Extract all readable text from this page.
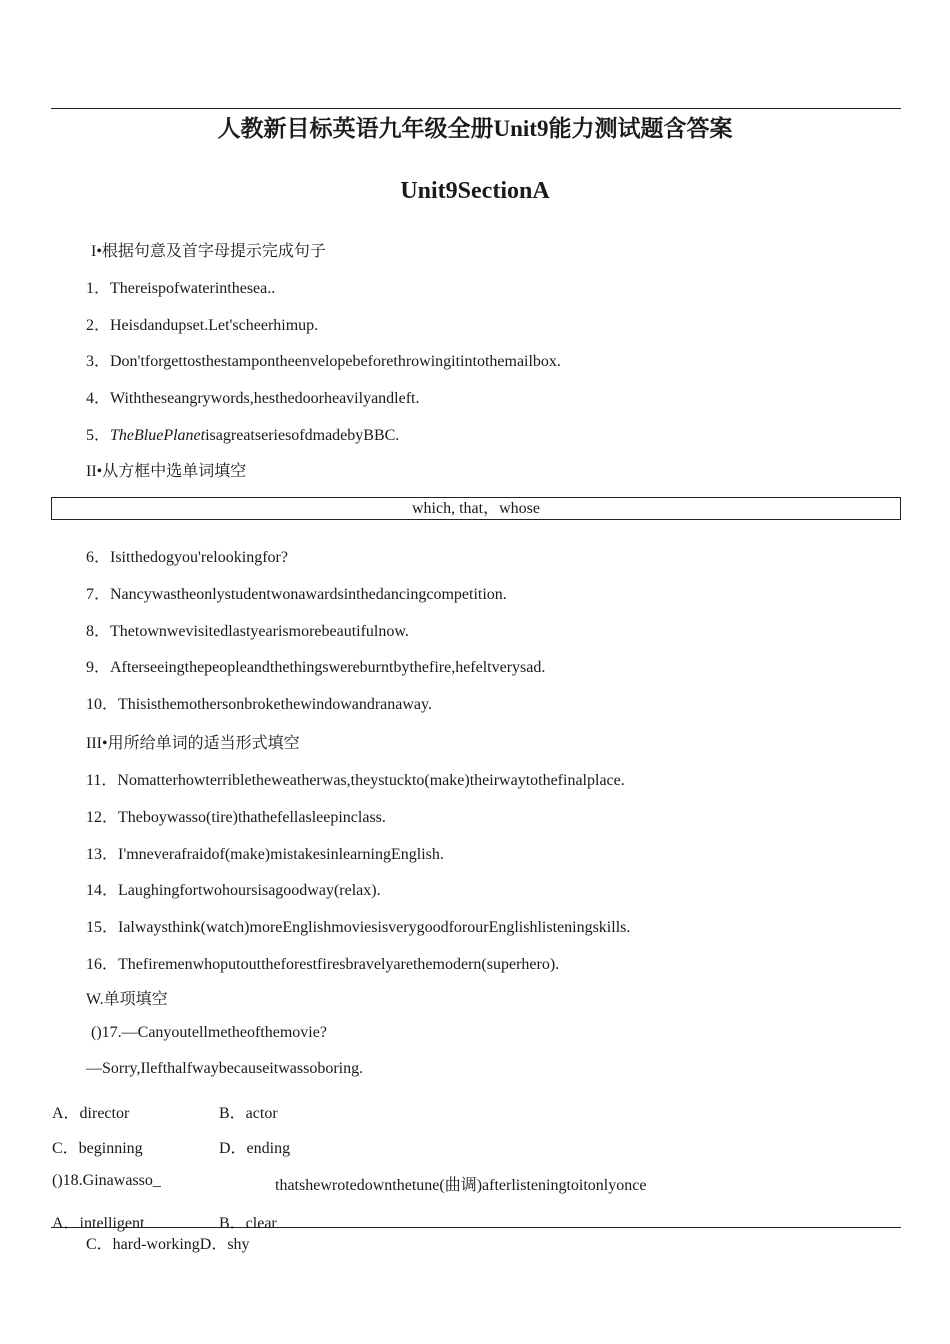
人教新目标英语九年级全册Unit9能力测试题含答案
Unit9SectionA
I•根据句意及首字母提示完成句子
1．Thereispofwaterinthesea..
2．Heisdandupset.Let'scheerhimup.
3．Don'tforgettosthestampontheenvelopebeforethrowingitintothemailbox.
4．Withtheseangrywords,hesthedoorheavilyandleft.
5．TheBluePlanetisagreatseriesofdmadebyBBC.
II•从方框中选单词填空
which, that，whose
6．Isitthedogyou'relookingfor?
7．Nancywastheonlystudentwonawardsinthedancingcompetition.
8．Thetownwevisitedlastyearismorebeautifulnow.
9．Afterseeingthepeopleandthethingswereburntbythefire,hefeltverysad.
10．Thisisthemothersonbrokethewindowandranaway.
III•用所给单词的适当形式填空
11．Nomatterhowterribletheweatherwas,theystuckto(make)theirwaytothefinalplace.
12．Theboywasso(tire)thathefellasleepinclass.
13．I'mneverafraidof(make)mistakesinlearningEnglish.
14．Laughingfortwohoursisagoodway(relax).
15．Ialwaysthink(watch)moreEnglishmoviesisverygoodforourEnglishlisteningskills.
16．Thefiremenwhoputouttheforestfiresbravelyarethemodern(superhero).
W.单项填空
()17.—Canyoutellmetheofthemovie?
—Sorry,Ilefthalfwaybecauseitwassoboring.
A．director	B．actor
C．beginning	D．ending
()18.Ginawasso_	thatshewrotedownthetune(曲调)afterlisteningtoitonlyonce
A．intelligent	B．clear
C．hard-workingD．shy
